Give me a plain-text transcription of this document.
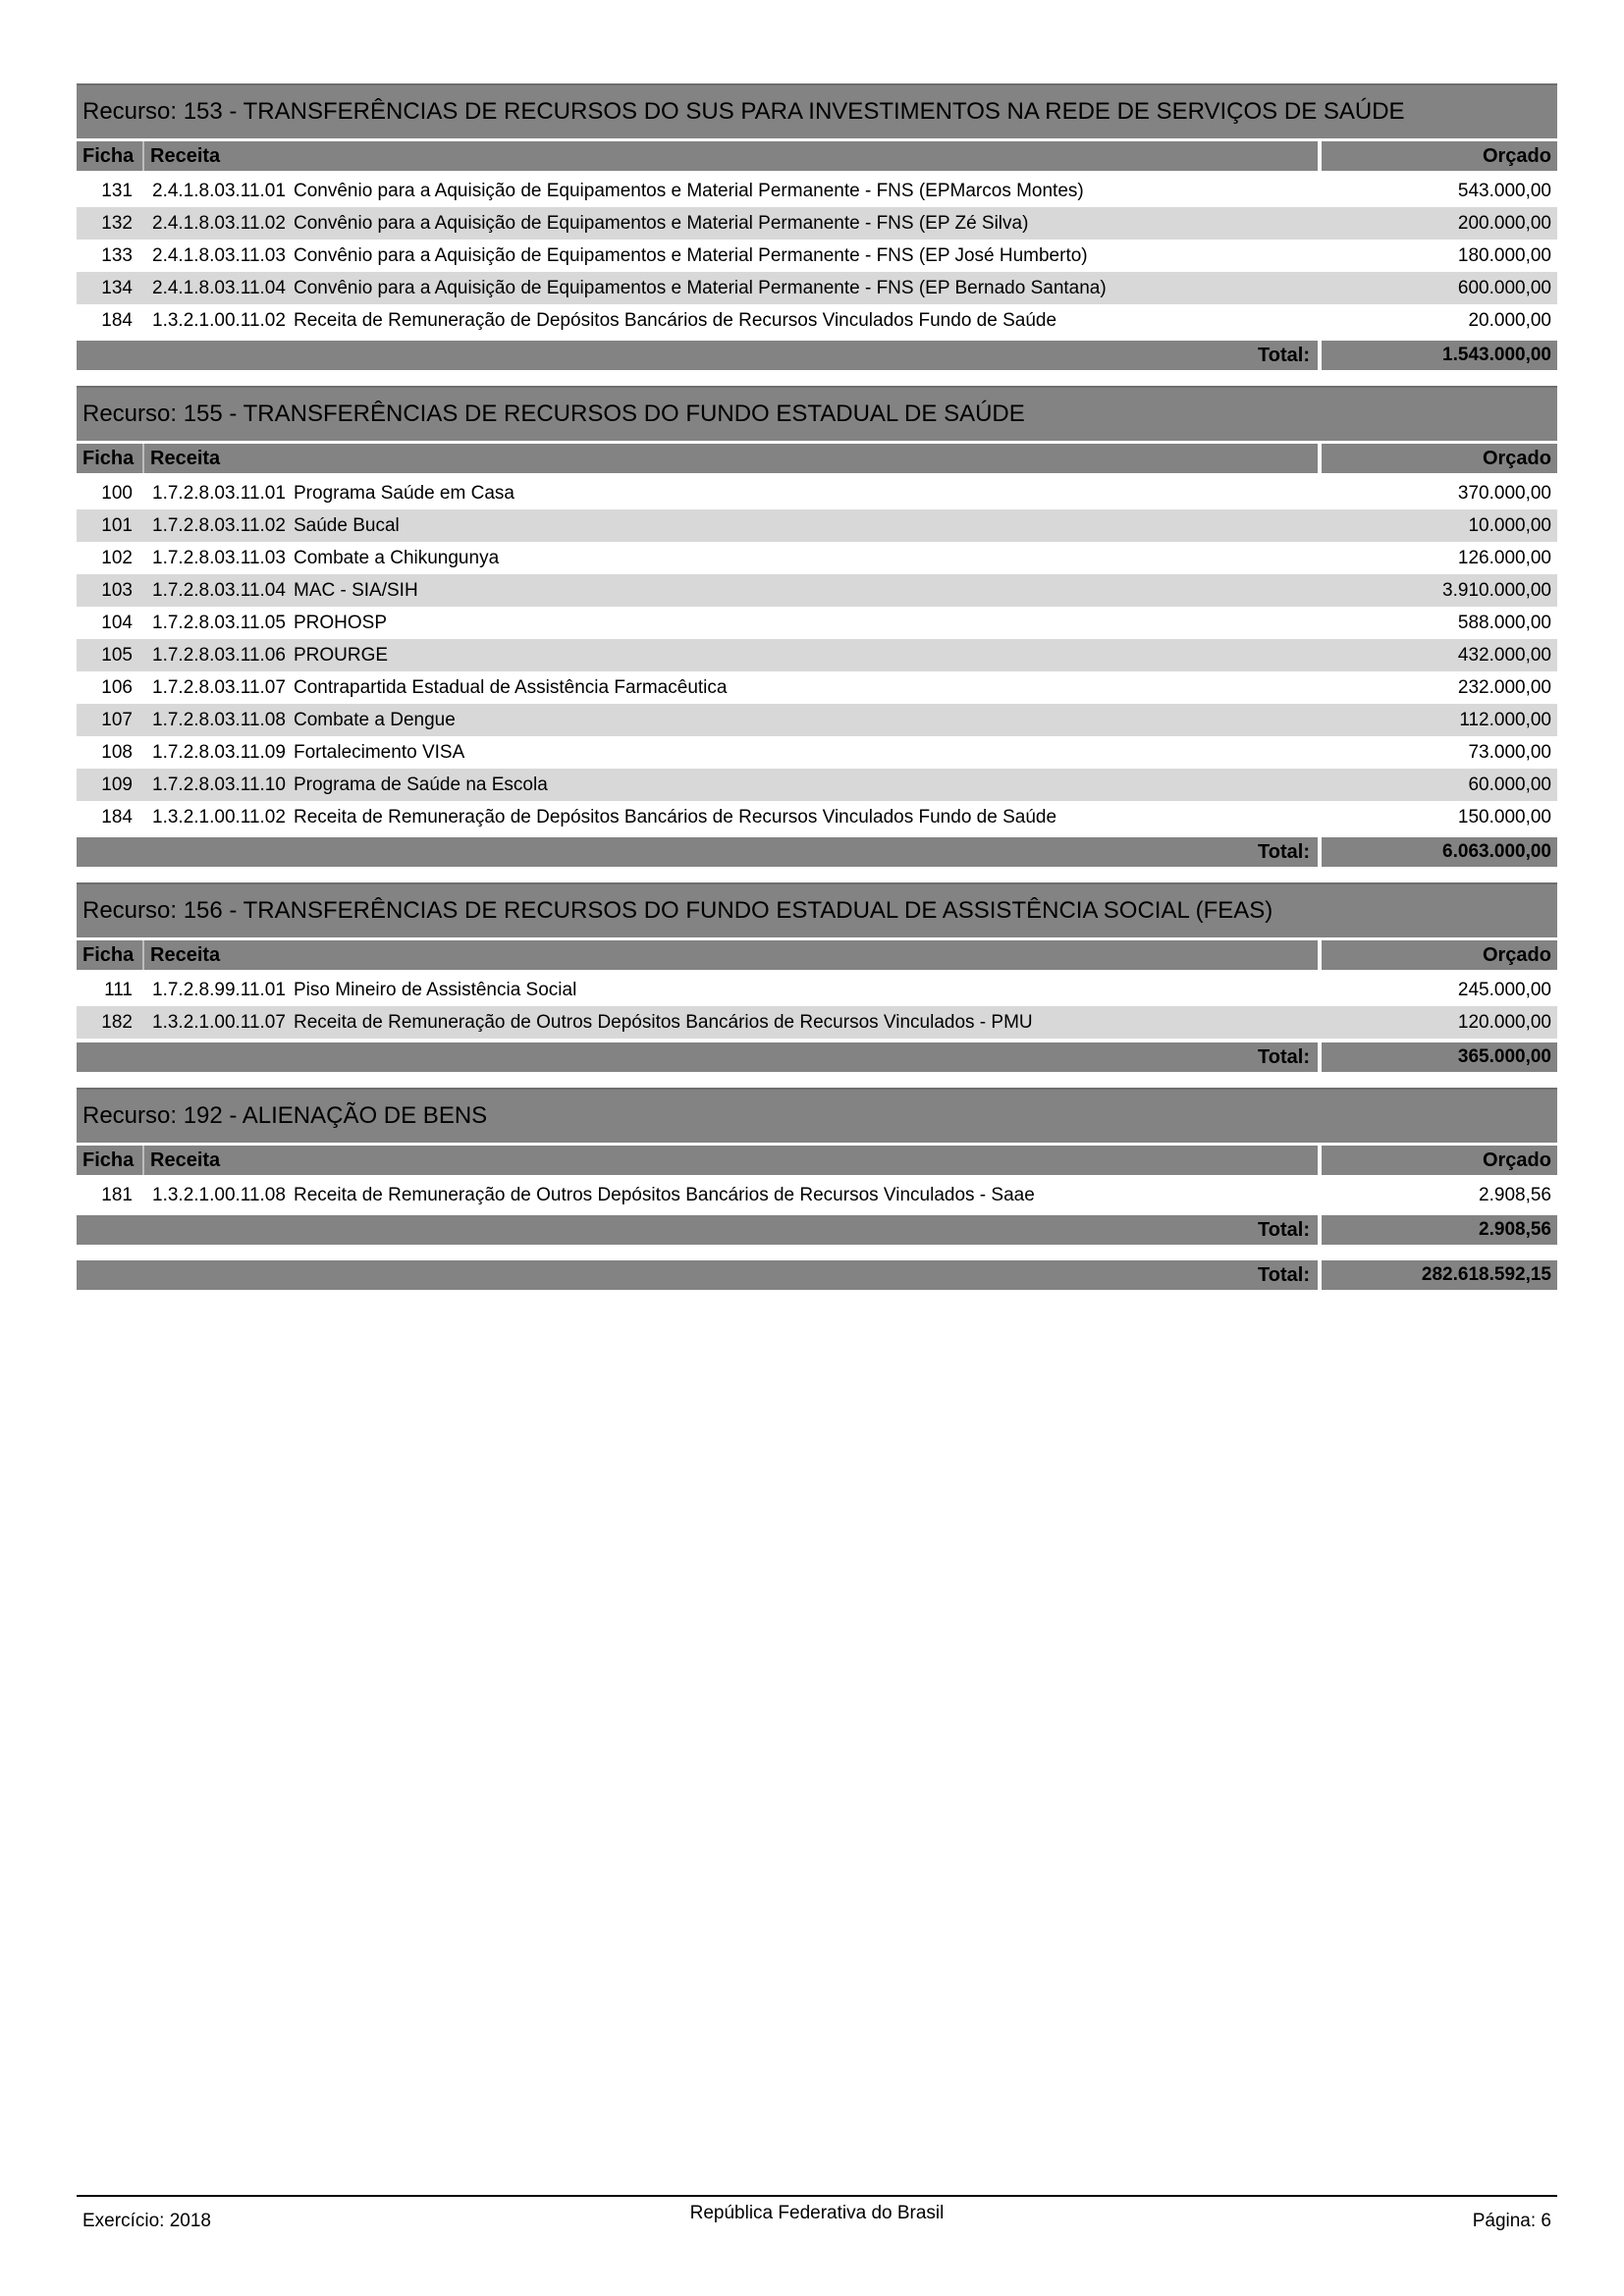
Recurso: 153 - TRANSFERÊNCIAS DE RECURSOS DO SUS PARA INVESTIMENTOS NA REDE DE SERVIÇOS DE SAÚDE
Ficha Receita	Orçado
131	2.4.1.8.03.11.01 Convênio para a Aquisição de Equipamentos e Material Permanente - FNS (EPMarcos Montes)	543.000,00
132	2.4.1.8.03.11.02 Convênio para a Aquisição de Equipamentos e Material Permanente - FNS (EP Zé Silva)	200.000,00
133	2.4.1.8.03.11.03 Convênio para a Aquisição de Equipamentos e Material Permanente - FNS (EP José Humberto)	180.000,00
134	2.4.1.8.03.11.04 Convênio para a Aquisição de Equipamentos e Material Permanente - FNS (EP Bernado Santana)	600.000,00
184	1.3.2.1.00.11.02 Receita de Remuneração de Depósitos Bancários de Recursos Vinculados Fundo de Saúde	20.000,00
Total:	1.543.000,00
Recurso: 155 - TRANSFERÊNCIAS DE RECURSOS DO FUNDO ESTADUAL DE SAÚDE
Ficha Receita	Orçado
100	1.7.2.8.03.11.01 Programa Saúde em Casa	370.000,00
101	1.7.2.8.03.11.02 Saúde Bucal	10.000,00
102	1.7.2.8.03.11.03 Combate a Chikungunya	126.000,00
103	1.7.2.8.03.11.04 MAC - SIA/SIH	3.910.000,00
104	1.7.2.8.03.11.05 PROHOSP	588.000,00
105	1.7.2.8.03.11.06 PROURGE	432.000,00
106	1.7.2.8.03.11.07 Contrapartida Estadual de Assistência Farmacêutica	232.000,00
107	1.7.2.8.03.11.08 Combate a Dengue	112.000,00
108	1.7.2.8.03.11.09 Fortalecimento VISA	73.000,00
109	1.7.2.8.03.11.10 Programa de Saúde na Escola	60.000,00
184	1.3.2.1.00.11.02 Receita de Remuneração de Depósitos Bancários de Recursos Vinculados Fundo de Saúde	150.000,00
Total:	6.063.000,00
Recurso: 156 - TRANSFERÊNCIAS DE RECURSOS DO FUNDO ESTADUAL DE ASSISTÊNCIA SOCIAL (FEAS)
Ficha Receita	Orçado
111	1.7.2.8.99.11.01 Piso Mineiro de Assistência Social	245.000,00
182	1.3.2.1.00.11.07 Receita de Remuneração de Outros Depósitos Bancários de Recursos Vinculados - PMU	120.000,00
Total:	365.000,00
Recurso: 192 - ALIENAÇÃO DE BENS
Ficha Receita	Orçado
181	1.3.2.1.00.11.08 Receita de Remuneração de Outros Depósitos Bancários de Recursos Vinculados - Saae	2.908,56
Total:	2.908,56
Total:	282.618.592,15
Exercício: 2018	República Federativa do Brasil	Página: 6
